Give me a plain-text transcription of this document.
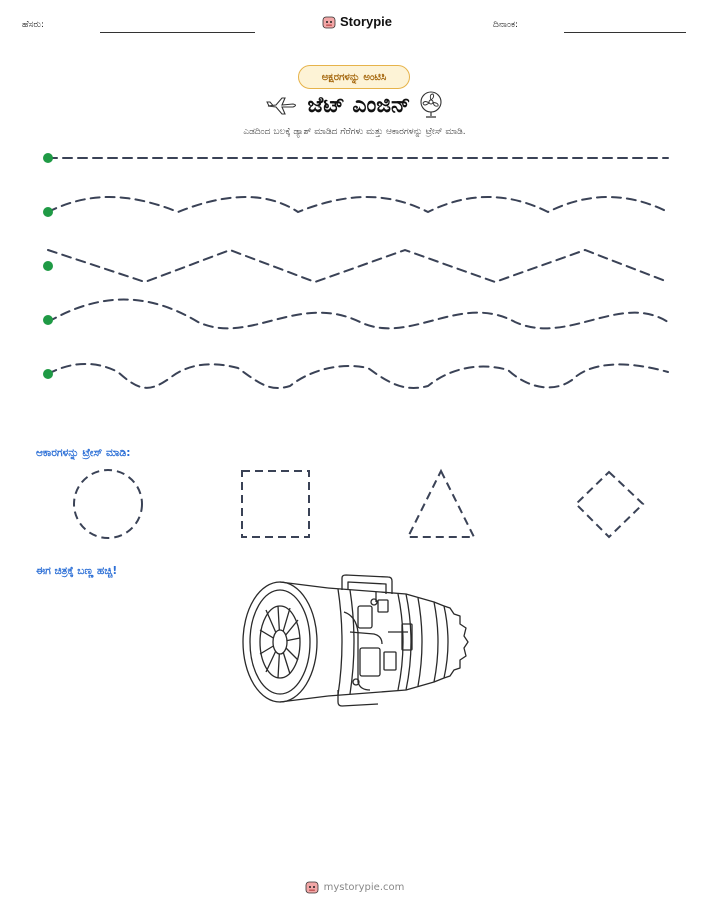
ಹೆಸರು:	Storypie	ದಿನಾಂಕ:
ಅಕ್ಷರಗಳನ್ನು ಅಂಟಿಸಿ
ಜೆಟ್ ಎಂಜಿನ್
ಎಡದಿಂದ ಬಲಕ್ಕೆ ಡ್ಯಾಶ್ ಮಾಡಿದ ಗೆರೆಗಳು ಮತ್ತು ಆಕಾರಗಳನ್ನು ಟ್ರೇಸ್ ಮಾಡಿ.
ಆಕಾರಗಳನ್ನು ಟ್ರೇಸ್ ಮಾಡಿ:
ಈಗ ಚಿತ್ರಕ್ಕೆ ಬಣ್ಣ ಹಚ್ಚಿ!
mystorypie.com
